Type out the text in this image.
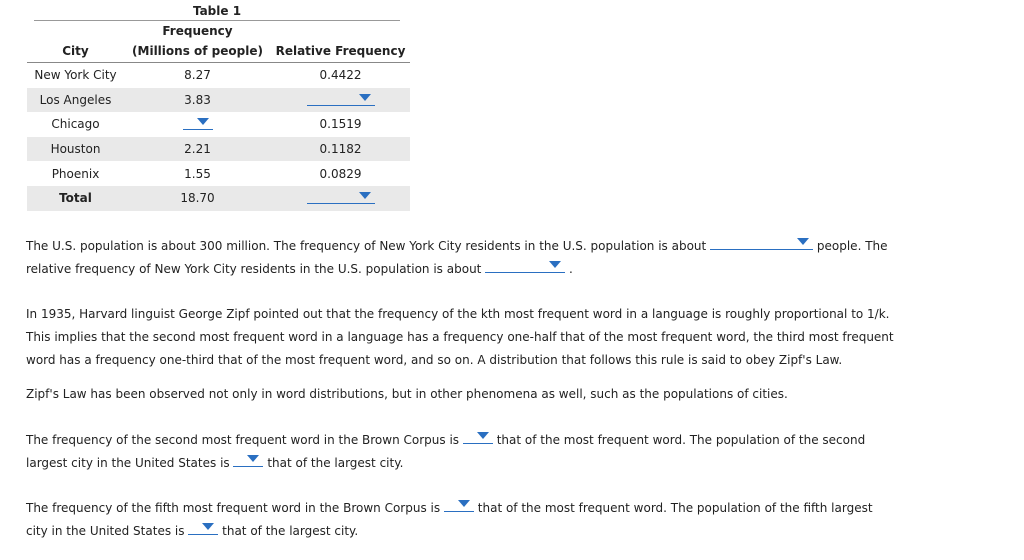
Table 1
	Frequency	
City	(Millions of people)	Relative Frequency
New York City	8.27	0.4422
Los Angeles	3.83	

Chicago		0.1519
Houston	2.21	0.1182
Phoenix	1.55	0.0829
Total	18.70	
The U.S. population is about 300 million. The frequency of New York City residents in the U.S. population is about	people. The relative frequency of New York City residents in the U.S. population is about	.
In 1935, Harvard linguist George Zipf pointed out that the frequency of the kth most frequent word in a language is roughly proportional to 1/k. This implies that the second most frequent word in a language has a frequency one-half that of the most frequent word, the third most frequent word has a frequency one-third that of the most frequent word, and so on. A distribution that follows this rule is said to obey Zipf's Law.
Zipf's Law has been observed not only in word distributions, but in other phenomena as well, such as the populations of cities.
The frequency of the second most frequent word in the Brown Corpus is	that of the most frequent word. The population of the second largest city in the United States is	that of the largest city.
The frequency of the fifth most frequent word in the Brown Corpus is	that of the most frequent word. The population of the fifth largest city in the United States is	that of the largest city.
